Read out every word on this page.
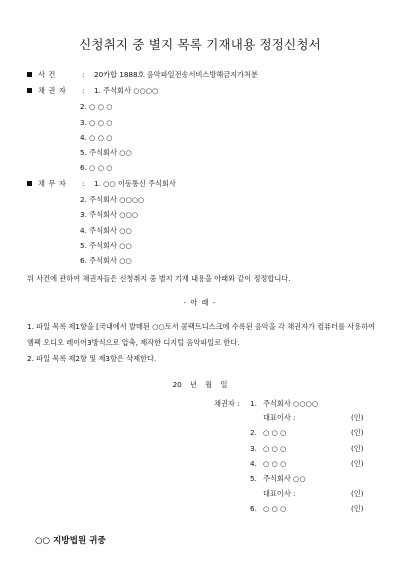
신청취지 중 별지 목록 기재내용 정정신청서
사 건	: 20카합 1888호 음악파일전송서비스방해금지가처분
채 권 자 : 1. 주식회사 ○○○○
2. ○ ○ ○
3. ○ ○ ○
4. ○ ○ ○
5. 주식회사 ○○
6. ○ ○ ○
채 무 자 : 1. ○○ 이동통신 주식회사
2. 주식회사 ○○○○
3. 주식회사 ○○○
4. 주식회사 ○○
5. 주식회사 ○○
6. 주식회사 ○○
위 사건에 관하여 채권자들은 신청취지 중 별지 기재 내용을 아래와 같이 정정합니다.
- 아 래 -
1. 파일 목록 제1항을 [국내에서 발매된 ○○토서 콤팩트디스크에 수록된 음악을 각 채권자가 컴퓨터를 사용하여 엠펙 오디오 레이어3방식으로 압축, 제작한 디지털 음악파일로 한다.
2. 파일 목록 제2항 및 제3항은 삭제한다.
20 년 월 일
채권자 : 1. 주식회사 ○○○○
대표이사 :	(인)
2. ○ ○ ○	(인)
3. ○ ○ ○	(인)
4. ○ ○ ○	(인)
5. 주식회사 ○○
대표이사 :	(인)
6. ○ ○ ○	(인)
○○ 지방법원 귀중
